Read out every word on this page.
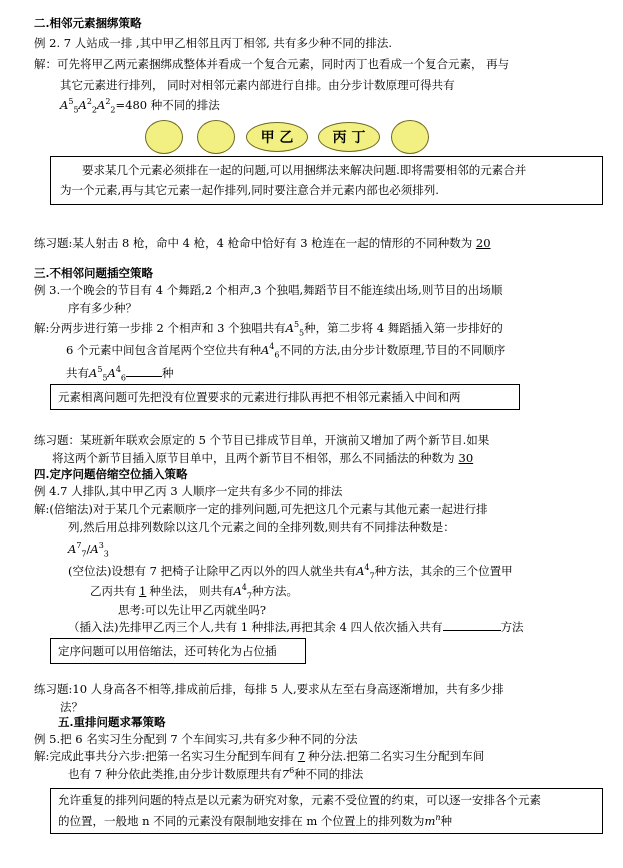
二.相邻元素捆绑策略
例 2. 7 人站成一排 ,其中甲乙相邻且丙丁相邻, 共有多少种不同的排法.
解：可先将甲乙两元素捆绑成整体并看成一个复合元素，同时丙丁也看成一个复合元素， 再与
其它元素进行排列， 同时对相邻元素内部进行自排。由分步计数原理可得共有
$A^5_5A^2_2A^2_2=480$ 种不同的排法
甲 乙	丙 丁
要求某几个元素必须排在一起的问题,可以用捆绑法来解决问题.即将需要相邻的元素合并
为一个元素,再与其它元素一起作排列,同时要注意合并元素内部也必须排列.
练习题:某人射击 8 枪，命中 4 枪，4 枪命中恰好有 3 枪连在一起的情形的不同种数为 20
三.不相邻问题插空策略
例 3.一个晚会的节目有 4 个舞蹈,2 个相声,3 个独唱,舞蹈节目不能连续出场,则节目的出场顺
序有多少种？
解:分两步进行第一步排 2 个相声和 3 个独唱共有$A^5_5$种，第二步将 4 舞蹈插入第一步排好的
6 个元素中间包含首尾两个空位共有种$A^4_6$不同的方法,由分步计数原理,节目的不同顺序
共有$A^5_5A^4_6$	种
元素相离问题可先把没有位置要求的元素进行排队再把不相邻元素插入中间和两
练习题：某班新年联欢会原定的 5 个节目已排成节目单，开演前又增加了两个新节目.如果
将这两个新节目插入原节目单中，且两个新节目不相邻，那么不同插法的种数为 30
四.定序问题倍缩空位插入策略
例 4.7 人排队,其中甲乙丙 3 人顺序一定共有多少不同的排法
解:(倍缩法)对于某几个元素顺序一定的排列问题,可先把这几个元素与其他元素一起进行排
列,然后用总排列数除以这几个元素之间的全排列数,则共有不同排法种数是：
$A^7_7/A^3_3$
(空位法)设想有 7 把椅子让除甲乙丙以外的四人就坐共有$A^4_7$种方法，其余的三个位置甲
乙丙共有 1 种坐法， 则共有$A^4_7$种方法。
思考:可以先让甲乙丙就坐吗?
（插入法)先排甲乙丙三个人,共有 1 种排法,再把其余 4 四人依次插入共有	方法
定序问题可以用倍缩法，还可转化为占位插
练习题:10 人身高各不相等,排成前后排，每排 5 人,要求从左至右身高逐渐增加，共有多少排
法？
五.重排问题求幂策略
例 5.把 6 名实习生分配到 7 个车间实习,共有多少种不同的分法
解:完成此事共分六步:把第一名实习生分配到车间有 7 种分法.把第二名实习生分配到车间
也有 7 种分依此类推,由分步计数原理共有$7^6$种不同的排法
允许重复的排列问题的特点是以元素为研究对象，元素不受位置的约束，可以逐一安排各个元素
的位置，一般地 n 不同的元素没有限制地安排在 m 个位置上的排列数为$m^n$种
